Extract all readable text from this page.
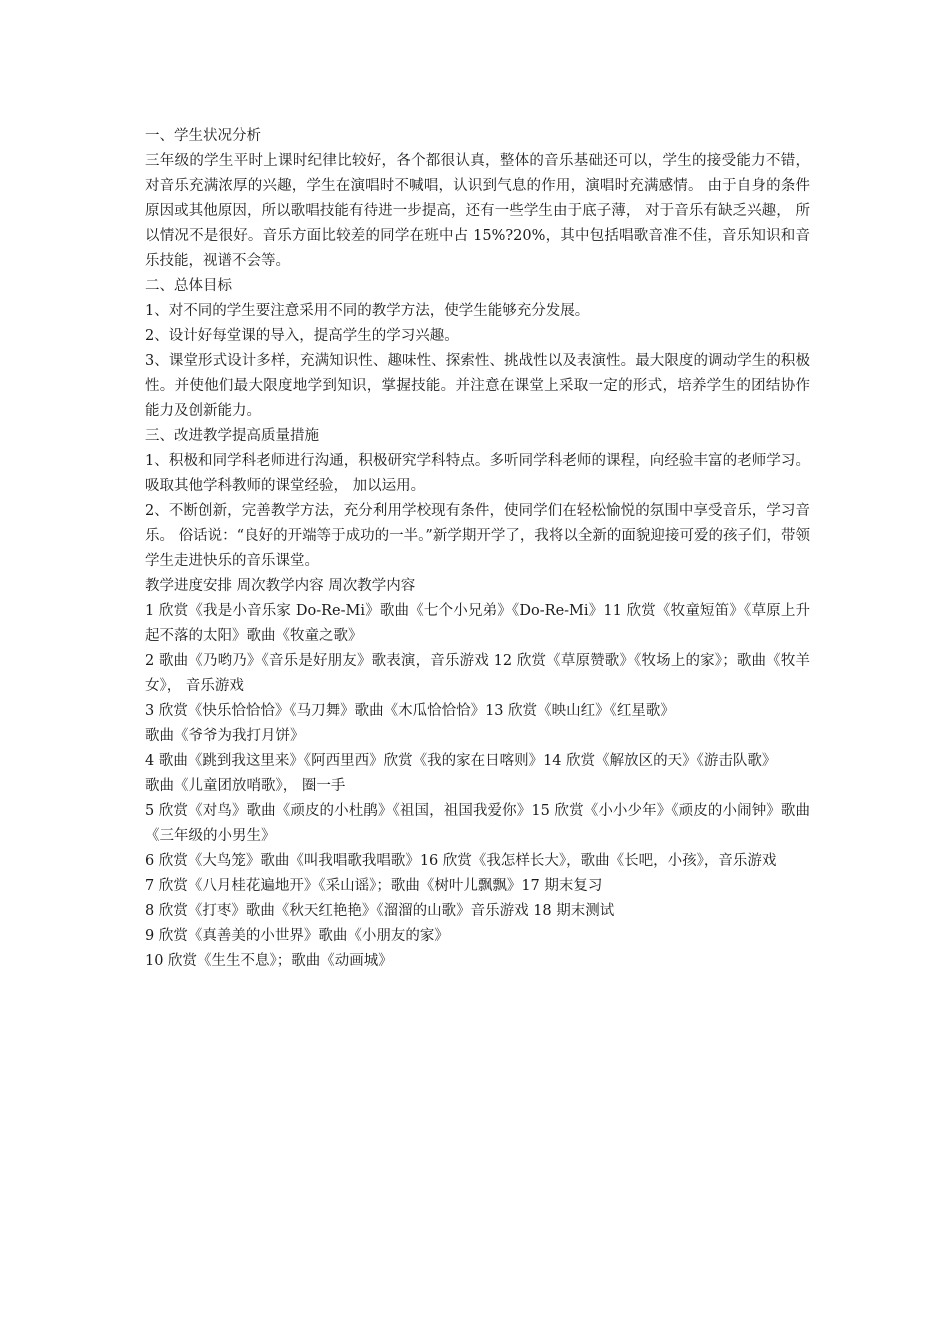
一、学生状况分析

三年级的学生平时上课时纪律比较好，各个都很认真，整体的音乐基础还可以，学生的接受能力不错，对音乐充满浓厚的兴趣，学生在演唱时不喊唱，认识到气息的作用，演唱时充满感情。 由于自身的条件原因或其他原因，所以歌唱技能有待进一步提高，还有一些学生由于底子薄， 对于音乐有缺乏兴趣， 所以情况不是很好。音乐方面比较差的同学在班中占 15%?20%，其中包括唱歌音准不佳，音乐知识和音乐技能，视谱不会等。

二、总体目标

1、对不同的学生要注意采用不同的教学方法，使学生能够充分发展。

2、设计好每堂课的导入，提高学生的学习兴趣。

3、课堂形式设计多样，充满知识性、趣味性、探索性、挑战性以及表演性。最大限度的调动学生的积极性。并使他们最大限度地学到知识，掌握技能。并注意在课堂上采取一定的形式，培养学生的团结协作能力及创新能力。

三、改进教学提高质量措施

1、积极和同学科老师进行沟通，积极研究学科特点。多听同学科老师的课程，向经验丰富的老师学习。吸取其他学科教师的课堂经验， 加以运用。

2、不断创新，完善教学方法，充分利用学校现有条件，使同学们在轻松愉悦的氛围中享受音乐，学习音乐。 俗话说：“良好的开端等于成功的一半。”新学期开学了，我将以全新的面貌迎接可爱的孩子们，带领学生走进快乐的音乐课堂。

教学进度安排 周次教学内容 周次教学内容

1 欣赏《我是小音乐家 Do-Re-Mi》歌曲《七个小兄弟》《Do-Re-Mi》11 欣赏《牧童短笛》《草原上升起不落的太阳》歌曲《牧童之歌》

2 歌曲《乃哟乃》《音乐是好朋友》歌表演，音乐游戏 12 欣赏《草原赞歌》《牧场上的家》；歌曲《牧羊女》， 音乐游戏

3 欣赏《快乐恰恰恰》《马刀舞》歌曲《木瓜恰恰恰》13 欣赏《映山红》《红星歌》

歌曲《爷爷为我打月饼》

4 歌曲《跳到我这里来》《阿西里西》欣赏《我的家在日喀则》14 欣赏《解放区的天》《游击队歌》

歌曲《儿童团放哨歌》， 圈一手

5 欣赏《对鸟》歌曲《顽皮的小杜鹃》《祖国，祖国我爱你》15 欣赏《小小少年》《顽皮的小闹钟》歌曲《三年级的小男生》

6 欣赏《大鸟笼》歌曲《叫我唱歌我唱歌》16 欣赏《我怎样长大》，歌曲《长吧，小孩》，音乐游戏

7 欣赏《八月桂花遍地开》《采山谣》；歌曲《树叶儿飘飘》17 期末复习

8 欣赏《打枣》歌曲《秋天红艳艳》《溜溜的山歌》音乐游戏 18 期末测试

9 欣赏《真善美的小世界》歌曲《小朋友的家》

10 欣赏《生生不息》；歌曲《动画城》
